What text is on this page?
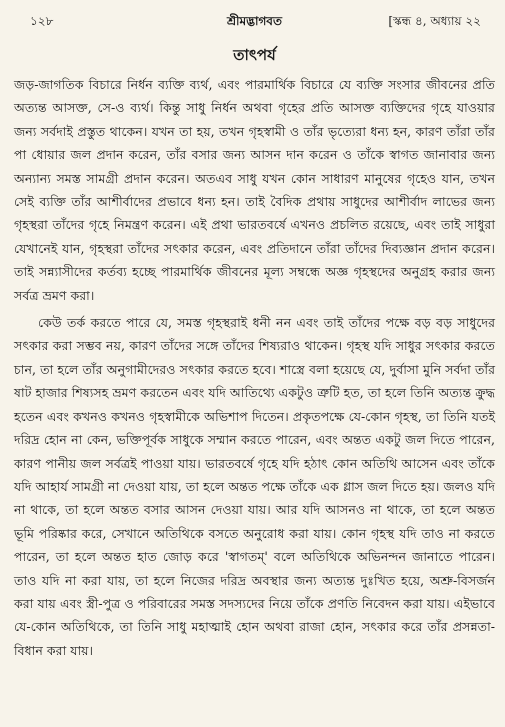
১২৮	শ্রীমদ্ভাগবত	[স্কন্ধ ৪, অধ্যায় ২২
তাৎপর্য

জড়-জাগতিক বিচারে নির্ধন ব্যক্তি ব্যর্থ, এবং পারমার্থিক বিচারে যে ব্যক্তি সংসার জীবনের প্রতি অত্যন্ত আসক্ত, সে-ও ব্যর্থ। কিন্তু সাধু নির্ধন অথবা গৃহের প্রতি আসক্ত ব্যক্তিদের গৃহে যাওয়ার জন্য সর্বদাই প্রস্তুত থাকেন। যখন তা হয়, তখন গৃহস্বামী ও তাঁর ভৃত্যেরা ধন্য হন, কারণ তাঁরা তাঁর পা ধোয়ার জল প্রদান করেন, তাঁর বসার জন্য আসন দান করেন ও তাঁকে স্বাগত জানাবার জন্য অন্যান্য সমস্ত সামগ্রী প্রদান করেন। অতএব সাধু যখন কোন সাধারণ মানুষের গৃহেও যান, তখন সেই ব্যক্তি তাঁর আশীর্বাদের প্রভাবে ধন্য হন। তাই বৈদিক প্রথায় সাধুদের আশীর্বাদ লাভের জন্য গৃহস্থরা তাঁদের গৃহে নিমন্ত্রণ করেন। এই প্রথা ভারতবর্ষে এখনও প্রচলিত রয়েছে, এবং তাই সাধুরা যেখানেই যান, গৃহস্থরা তাঁদের সৎকার করেন, এবং প্রতিদানে তাঁরা তাঁদের দিব্যজ্ঞান প্রদান করেন। তাই সন্ন্যাসীদের কর্তব্য হচ্ছে পারমার্থিক জীবনের মূল্য সম্বন্ধে অজ্ঞ গৃহস্থদের অনুগ্রহ করার জন্য সর্বত্র ভ্রমণ করা।

কেউ তর্ক করতে পারে যে, সমস্ত গৃহস্থরাই ধনী নন এবং তাই তাঁদের পক্ষে বড় বড় সাধুদের সৎকার করা সম্ভব নয়, কারণ তাঁদের সঙ্গে তাঁদের শিষ্যরাও থাকেন। গৃহস্থ যদি সাধুর সৎকার করতে চান, তা হলে তাঁর অনুগামীদেরও সৎকার করতে হবে। শাস্ত্রে বলা হয়েছে যে, দুর্বাসা মুনি সর্বদা তাঁর ষাট হাজার শিষ্যসহ ভ্রমণ করতেন এবং যদি আতিথ্যে একটুও ত্রুটি হত, তা হলে তিনি অত্যন্ত ক্রুদ্ধ হতেন এবং কখনও কখনও গৃহস্বামীকে অভিশাপ দিতেন। প্রকৃতপক্ষে যে-কোন গৃহস্থ, তা তিনি যতই দরিদ্র হোন না কেন, ভক্তিপূর্বক সাধুকে সম্মান করতে পারেন, এবং অন্তত একটু জল দিতে পারেন, কারণ পানীয় জল সর্বত্রই পাওয়া যায়। ভারতবর্ষে গৃহে যদি হঠাৎ কোন অতিথি আসেন এবং তাঁকে যদি আহার্য সামগ্রী না দেওয়া যায়, তা হলে অন্তত পক্ষে তাঁকে এক গ্লাস জল দিতে হয়। জলও যদি না থাকে, তা হলে অন্তত বসার আসন দেওয়া যায়। আর যদি আসনও না থাকে, তা হলে অন্তত ভূমি পরিষ্কার করে, সেখানে অতিথিকে বসতে অনুরোধ করা যায়। কোন গৃহস্থ যদি তাও না করতে পারেন, তা হলে অন্তত হাত জোড় করে 'স্বাগতম্' বলে অতিথিকে অভিনন্দন জানাতে পারেন। তাও যদি না করা যায়, তা হলে নিজের দরিদ্র অবস্থার জন্য অত্যন্ত দুঃখিত হয়ে, অশ্রু-বিসর্জন করা যায় এবং স্ত্রী-পুত্র ও পরিবারের সমস্ত সদস্যদের নিয়ে তাঁকে প্রণতি নিবেদন করা যায়। এইভাবে যে-কোন অতিথিকে, তা তিনি সাধু মহাত্মাই হোন অথবা রাজা হোন, সৎকার করে তাঁর প্রসন্নতা-বিধান করা যায়।
